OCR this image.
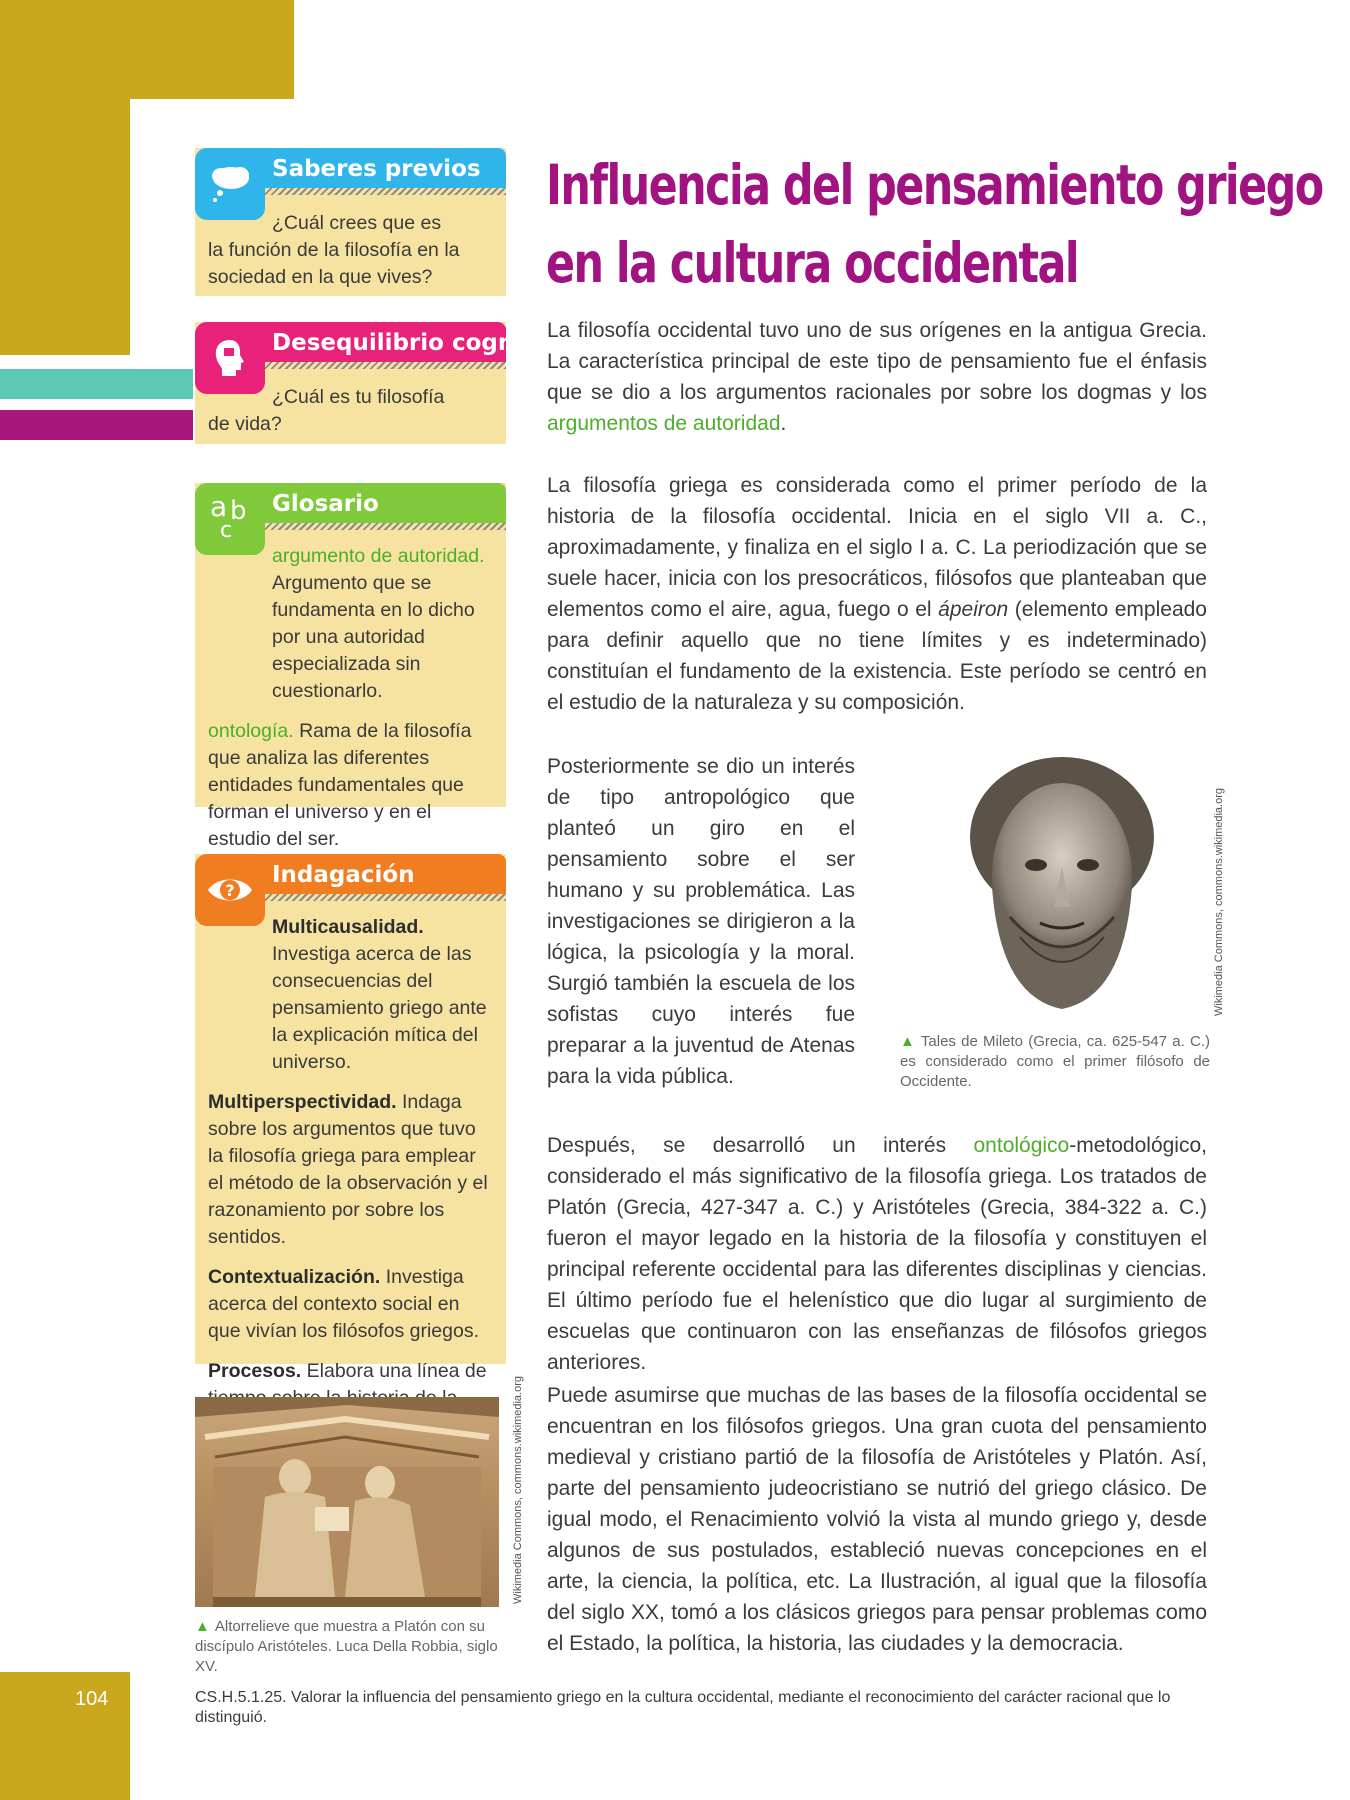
104
Saberes previos
¿Cuál crees que es
la función de la filosofía en la sociedad en la que vives?
Desequilibrio cognitivo
¿Cuál es tu filosofía
de vida?
a b
c
Glosario

argumento de autoridad. Argumento que se fundamenta en lo dicho por una autoridad especializada sin cuestionarlo.

ontología. Rama de la filosofía que analiza las diferentes entidades fundamentales que forman el universo y en el estudio del ser.

?
Indagación

Multicausalidad. Investiga acerca de las consecuencias del pensamiento griego ante la explicación mítica del universo.

Multiperspectividad. Indaga sobre los argumentos que tuvo la filosofía griega para emplear el método de la observación y el razonamiento por sobre los sentidos.

Contextualización. Investiga acerca del contexto social en que vivían los filósofos griegos.

Procesos. Elabora una línea de

Wikimedia Commons, commons.wikimedia.org
▲ Altorrelieve que muestra a Platón con su discípulo Aristóteles. Luca Della Robbia, siglo XV.
Influencia del pensamiento griego
en la cultura occidental

La filosofía occidental tuvo uno de sus orígenes en la antigua Grecia. La característica principal de este tipo de pensamiento fue el énfasis que se dio a los argumentos racionales por sobre los dogmas y los argumentos de autoridad.

La filosofía griega es considerada como el primer período de la historia de la filosofía occidental. Inicia en el siglo VII a. C., aproximadamente, y finaliza en el siglo I a. C. La periodización que se suele hacer, inicia con los presocráticos, filósofos que planteaban que elementos como el aire, agua, fuego o el ápeiron (elemento empleado para definir aquello que no tiene límites y es indeterminado) constituían el fundamento de la existencia. Este período se centró en el estudio de la naturaleza y su composición.

Posteriormente se dio un interés de tipo antropológico que planteó un giro en el pensamiento sobre el ser humano y su problemática. Las investigaciones se dirigieron a la lógica, la psicología y la moral. Surgió también la escuela de los sofistas cuyo interés fue preparar a la juventud de Atenas para la vida pública.

Wikimedia Commons, commons.wikimedia.org
▲ Tales de Mileto (Grecia, ca. 625-547 a. C.) es considerado como el primer filósofo de Occidente.

Después, se desarrolló un interés ontológico-metodológico, considerado el más significativo de la filosofía griega. Los tratados de Platón (Grecia, 427-347 a. C.) y Aristóteles (Grecia, 384-322 a. C.) fueron el mayor legado en la historia de la filosofía y constituyen el principal referente occidental para las diferentes disciplinas y ciencias. El último período fue el helenístico que dio lugar al surgimiento de escuelas que continuaron con las enseñanzas de filósofos griegos anteriores.

Puede asumirse que muchas de las bases de la filosofía occidental se encuentran en los filósofos griegos. Una gran cuota del pensamiento medieval y cristiano partió de la filosofía de Aristóteles y Platón. Así, parte del pensamiento judeocristiano se nutrió del griego clásico. De igual modo, el Renacimiento volvió la vista al mundo griego y, desde algunos de sus postulados, estableció nuevas concepciones en el arte, la ciencia, la política, etc. La Ilustración, al igual que la filosofía del siglo XX, tomó a los clásicos griegos para pensar problemas como el Estado, la política, la historia, las ciudades y la democracia.

CS.H.5.1.25. Valorar la influencia del pensamiento griego en la cultura occidental, mediante el reconocimiento del carácter racional que lo distinguió.
